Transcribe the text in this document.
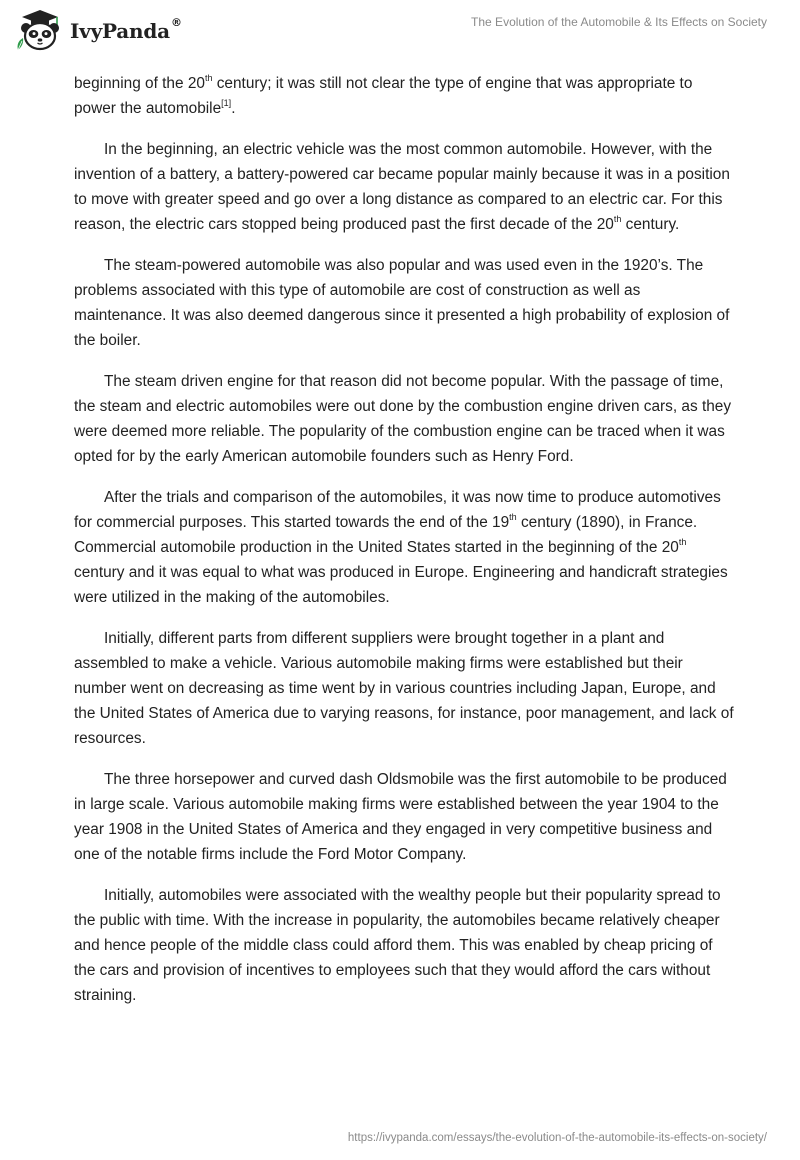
IvyPanda®	The Evolution of the Automobile & Its Effects on Society

beginning of the 20th century; it was still not clear the type of engine that was appropriate to power the automobile[1].

In the beginning, an electric vehicle was the most common automobile. However, with the invention of a battery, a battery-powered car became popular mainly because it was in a position to move with greater speed and go over a long distance as compared to an electric car. For this reason, the electric cars stopped being produced past the first decade of the 20th century.

The steam-powered automobile was also popular and was used even in the 1920’s. The problems associated with this type of automobile are cost of construction as well as maintenance. It was also deemed dangerous since it presented a high probability of explosion of the boiler.

The steam driven engine for that reason did not become popular. With the passage of time, the steam and electric automobiles were out done by the combustion engine driven cars, as they were deemed more reliable. The popularity of the combustion engine can be traced when it was opted for by the early American automobile founders such as Henry Ford.

After the trials and comparison of the automobiles, it was now time to produce automotives for commercial purposes. This started towards the end of the 19th century (1890), in France. Commercial automobile production in the United States started in the beginning of the 20th century and it was equal to what was produced in Europe. Engineering and handicraft strategies were utilized in the making of the automobiles.

Initially, different parts from different suppliers were brought together in a plant and assembled to make a vehicle. Various automobile making firms were established but their number went on decreasing as time went by in various countries including Japan, Europe, and the United States of America due to varying reasons, for instance, poor management, and lack of resources.

The three horsepower and curved dash Oldsmobile was the first automobile to be produced in large scale. Various automobile making firms were established between the year 1904 to the year 1908 in the United States of America and they engaged in very competitive business and one of the notable firms include the Ford Motor Company.

Initially, automobiles were associated with the wealthy people but their popularity spread to the public with time. With the increase in popularity, the automobiles became relatively cheaper and hence people of the middle class could afford them. This was enabled by cheap pricing of the cars and provision of incentives to employees such that they would afford the cars without straining.

https://ivypanda.com/essays/the-evolution-of-the-automobile-its-effects-on-society/
